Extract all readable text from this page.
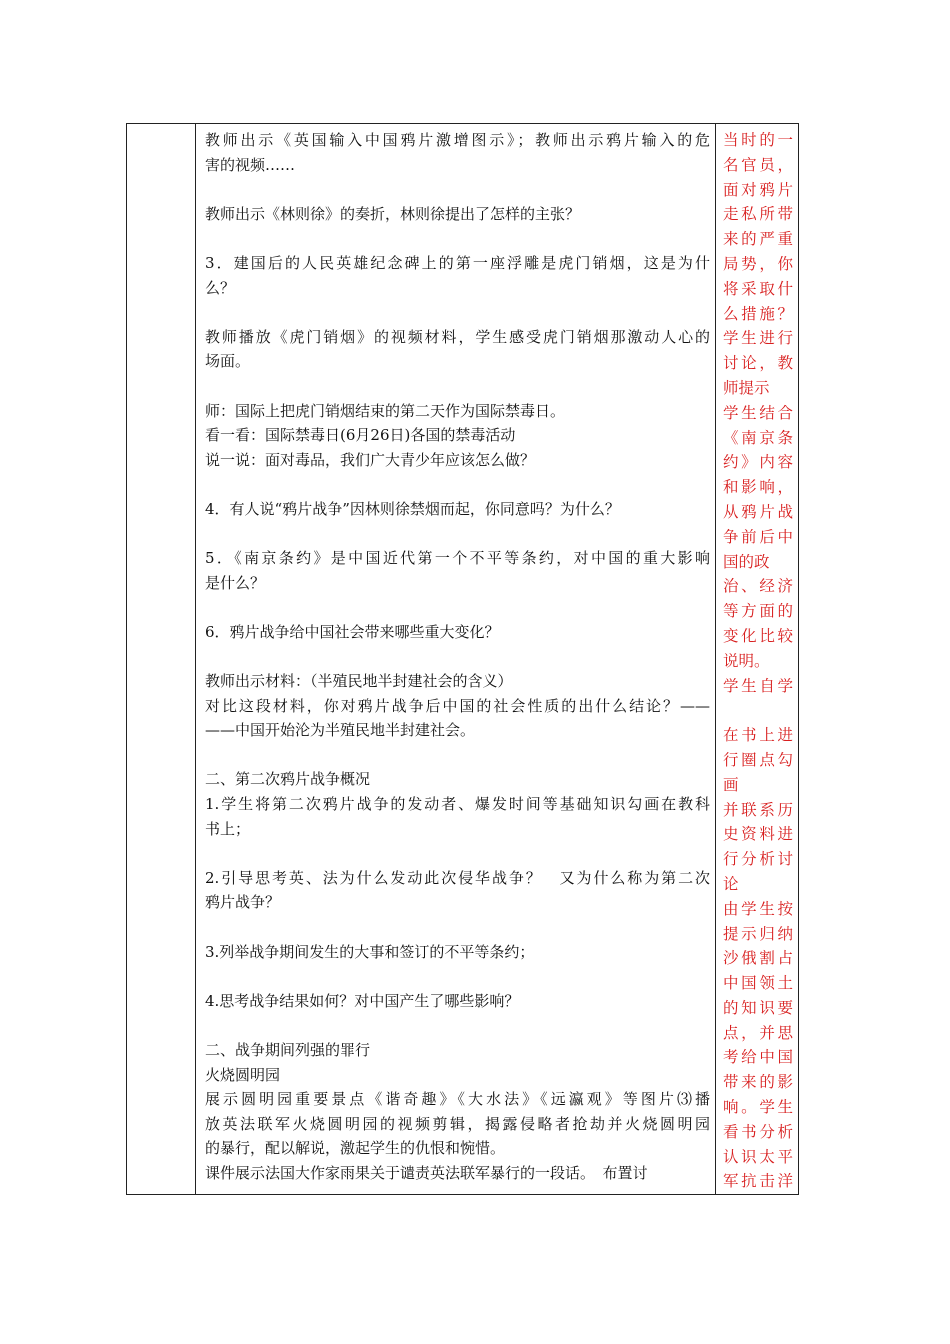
教师出示《英国输入中国鸦片激增图示》；教师出示鸦片输入的危
害的视频……
教师出示《林则徐》的奏折，林则徐提出了怎样的主张？
3．建国后的人民英雄纪念碑上的第一座浮雕是虎门销烟，这是为什
么？
教师播放《虎门销烟》的视频材料，学生感受虎门销烟那激动人心的
场面。
师：国际上把虎门销烟结束的第二天作为国际禁毒日。
看一看：国际禁毒日(6月26日)各国的禁毒活动
说一说：面对毒品，我们广大青少年应该怎么做？
4．有人说“鸦片战争”因林则徐禁烟而起，你同意吗？为什么？
5．《南京条约》是中国近代第一个不平等条约，对中国的重大影响
是什么？
6．鸦片战争给中国社会带来哪些重大变化？
教师出示材料：（半殖民地半封建社会的含义）
对比这段材料，你对鸦片战争后中国的社会性质的出什么结论？——
——中国开始沦为半殖民地半封建社会。
二、第二次鸦片战争概况
1.学生将第二次鸦片战争的发动者、爆发时间等基础知识勾画在教科
书上；
2.引导思考英、法为什么发动此次侵华战争？　又为什么称为第二次
鸦片战争？
3.列举战争期间发生的大事和签订的不平等条约；
4.思考战争结果如何？对中国产生了哪些影响？
二、战争期间列强的罪行
火烧圆明园
展示圆明园重要景点《谐奇趣》《大水法》《远瀛观》等图片⑶播
放英法联军火烧圆明园的视频剪辑，揭露侵略者抢劫并火烧圆明园
的暴行，配以解说，激起学生的仇恨和惋惜。
课件展示法国大作家雨果关于谴责英法联军暴行的一段话。　布置讨
当时的一
名官员，
面对鸦片
走私所带
来的严重
局势，你
将采取什
么措施？
学生进行
讨论，教
师提示
学生结合
《南京条
约》内容
和影响，
从鸦片战
争前后中
国的政
治、经济
等方面的
变化比较
说明。
学生自学
在书上进
行圈点勾
画
并联系历
史资料进
行分析讨
论
由学生按
提示归纳
沙俄割占
中国领土
的知识要
点，并思
考给中国
带来的影
响。学生
看书分析
认识太平
军抗击洋
